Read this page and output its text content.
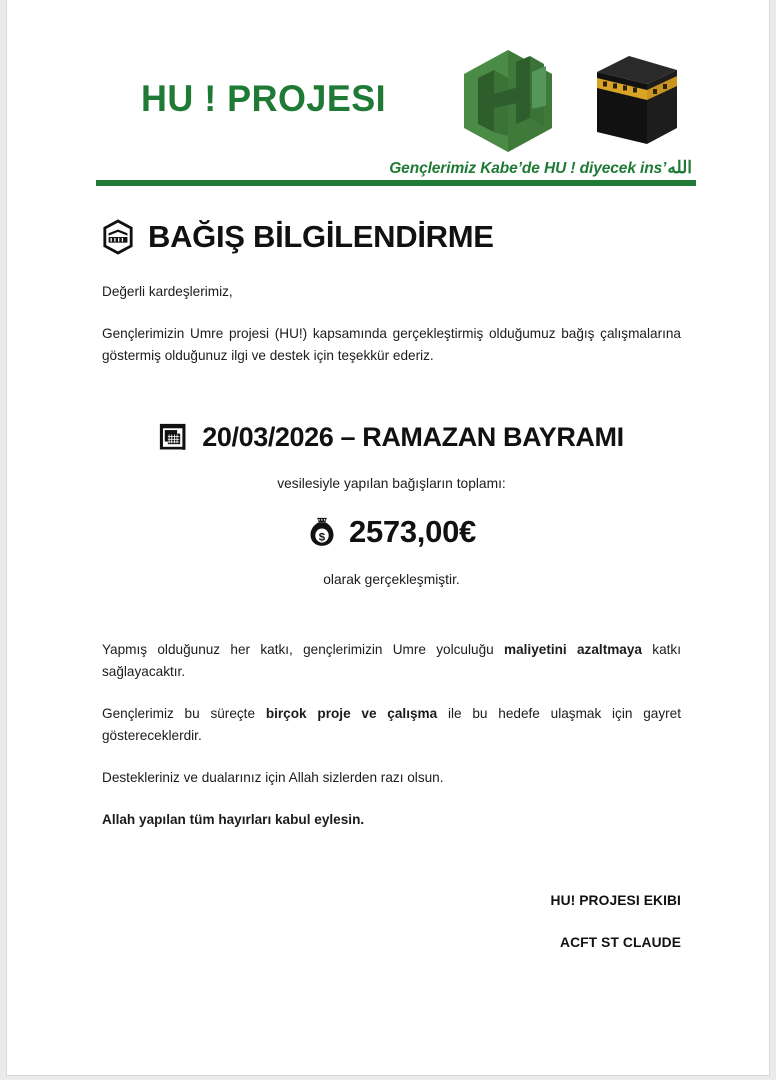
HU ! PROJESI
Gençlerimiz Kabe’de HU ! diyecek ins’الله
BAĞIŞ BİLGİLENDİRME

Değerli kardeşlerimiz,

Gençlerimizin Umre projesi (HU!) kapsamında gerçekleştirmiş olduğumuz bağış çalışmalarına göstermiş olduğunuz ilgi ve destek için teşekkür ederiz.

20/03/2026 – RAMAZAN BAYRAMI

vesilesiyle yapılan bağışların toplamı:

$ 2573,00€

olarak gerçekleşmiştir.

Yapmış olduğunuz her katkı, gençlerimizin Umre yolculuğu maliyetini azaltmaya katkı sağlayacaktır.

Gençlerimiz bu süreçte birçok proje ve çalışma ile bu hedefe ulaşmak için gayret göstereceklerdir.

Destekleriniz ve dualarınız için Allah sizlerden razı olsun.

Allah yapılan tüm hayırları kabul eylesin.

HU! PROJESI EKIBI
ACFT ST CLAUDE
